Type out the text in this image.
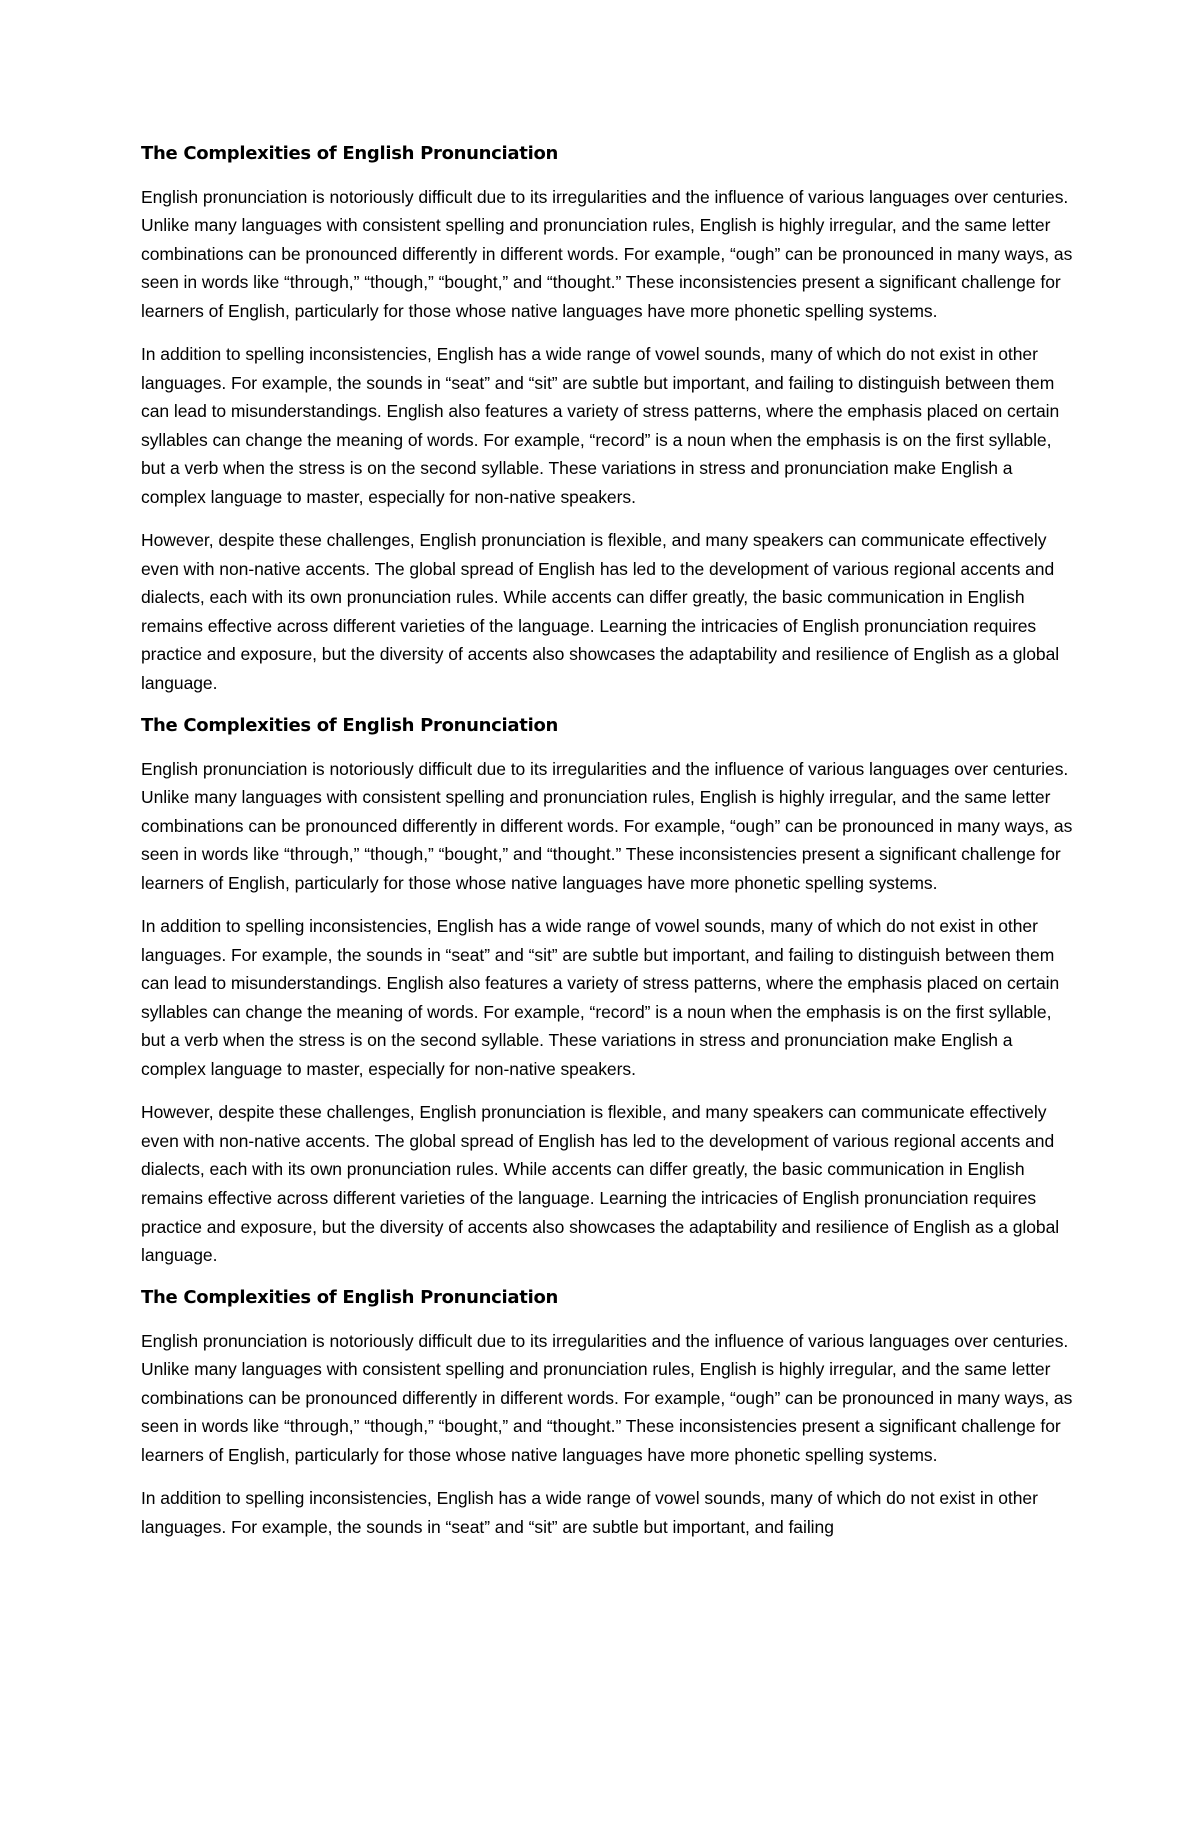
The Complexities of English Pronunciation

English pronunciation is notoriously difficult due to its irregularities and the influence of various languages over centuries. Unlike many languages with consistent spelling and pronunciation rules, English is highly irregular, and the same letter combinations can be pronounced differently in different words. For example, “ough” can be pronounced in many ways, as seen in words like “through,” “though,” “bought,” and “thought.” These inconsistencies present a significant challenge for learners of English, particularly for those whose native languages have more phonetic spelling systems.

In addition to spelling inconsistencies, English has a wide range of vowel sounds, many of which do not exist in other languages. For example, the sounds in “seat” and “sit” are subtle but important, and failing to distinguish between them can lead to misunderstandings. English also features a variety of stress patterns, where the emphasis placed on certain syllables can change the meaning of words. For example, “record” is a noun when the emphasis is on the first syllable, but a verb when the stress is on the second syllable. These variations in stress and pronunciation make English a complex language to master, especially for non-native speakers.

However, despite these challenges, English pronunciation is flexible, and many speakers can communicate effectively even with non-native accents. The global spread of English has led to the development of various regional accents and dialects, each with its own pronunciation rules. While accents can differ greatly, the basic communication in English remains effective across different varieties of the language. Learning the intricacies of English pronunciation requires practice and exposure, but the diversity of accents also showcases the adaptability and resilience of English as a global language.

The Complexities of English Pronunciation

English pronunciation is notoriously difficult due to its irregularities and the influence of various languages over centuries. Unlike many languages with consistent spelling and pronunciation rules, English is highly irregular, and the same letter combinations can be pronounced differently in different words. For example, “ough” can be pronounced in many ways, as seen in words like “through,” “though,” “bought,” and “thought.” These inconsistencies present a significant challenge for learners of English, particularly for those whose native languages have more phonetic spelling systems.

In addition to spelling inconsistencies, English has a wide range of vowel sounds, many of which do not exist in other languages. For example, the sounds in “seat” and “sit” are subtle but important, and failing to distinguish between them can lead to misunderstandings. English also features a variety of stress patterns, where the emphasis placed on certain syllables can change the meaning of words. For example, “record” is a noun when the emphasis is on the first syllable, but a verb when the stress is on the second syllable. These variations in stress and pronunciation make English a complex language to master, especially for non-native speakers.

However, despite these challenges, English pronunciation is flexible, and many speakers can communicate effectively even with non-native accents. The global spread of English has led to the development of various regional accents and dialects, each with its own pronunciation rules. While accents can differ greatly, the basic communication in English remains effective across different varieties of the language. Learning the intricacies of English pronunciation requires practice and exposure, but the diversity of accents also showcases the adaptability and resilience of English as a global language.

The Complexities of English Pronunciation

English pronunciation is notoriously difficult due to its irregularities and the influence of various languages over centuries. Unlike many languages with consistent spelling and pronunciation rules, English is highly irregular, and the same letter combinations can be pronounced differently in different words. For example, “ough” can be pronounced in many ways, as seen in words like “through,” “though,” “bought,” and “thought.” These inconsistencies present a significant challenge for learners of English, particularly for those whose native languages have more phonetic spelling systems.

In addition to spelling inconsistencies, English has a wide range of vowel sounds, many of which do not exist in other languages. For example, the sounds in “seat” and “sit” are subtle but important, and failing
